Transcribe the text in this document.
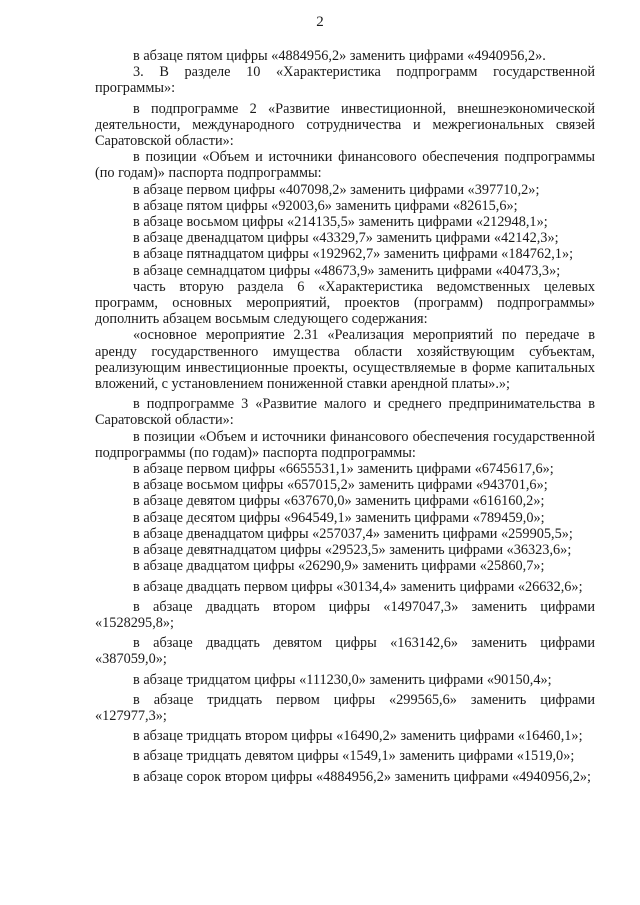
2

в абзаце пятом цифры «4884956,2» заменить цифрами «4940956,2».

3. В разделе 10 «Характеристика подпрограмм государственной программы»:

в подпрограмме 2 «Развитие инвестиционной, внешнеэкономической деятельности, международного сотрудничества и межрегиональных связей Саратовской области»:

в позиции «Объем и источники финансового обеспечения подпрограммы (по годам)» паспорта подпрограммы:

в абзаце первом цифры «407098,2» заменить цифрами «397710,2»;

в абзаце пятом цифры «92003,6» заменить цифрами «82615,6»;

в абзаце восьмом цифры «214135,5» заменить цифрами «212948,1»;

в абзаце двенадцатом цифры «43329,7» заменить цифрами «42142,3»;

в абзаце пятнадцатом цифры «192962,7» заменить цифрами «184762,1»;

в абзаце семнадцатом цифры «48673,9» заменить цифрами «40473,3»;

часть вторую раздела 6 «Характеристика ведомственных целевых программ, основных мероприятий, проектов (программ) подпрограммы» дополнить абзацем восьмым следующего содержания:

«основное мероприятие 2.31 «Реализация мероприятий по передаче в аренду государственного имущества области хозяйствующим субъектам, реализующим инвестиционные проекты, осуществляемые в форме капитальных вложений, с установлением пониженной ставки арендной платы».»;

в подпрограмме 3 «Развитие малого и среднего предпринимательства в Саратовской области»:

в позиции «Объем и источники финансового обеспечения государственной подпрограммы (по годам)» паспорта подпрограммы:

в абзаце первом цифры «6655531,1» заменить цифрами «6745617,6»;

в абзаце восьмом цифры «657015,2» заменить цифрами «943701,6»;

в абзаце девятом цифры «637670,0» заменить цифрами «616160,2»;

в абзаце десятом цифры «964549,1» заменить цифрами «789459,0»;

в абзаце двенадцатом цифры «257037,4» заменить цифрами «259905,5»;

в абзаце девятнадцатом цифры «29523,5» заменить цифрами «36323,6»;

в абзаце двадцатом цифры «26290,9» заменить цифрами «25860,7»;

в абзаце двадцать первом цифры «30134,4» заменить цифрами «26632,6»;

в абзаце двадцать втором цифры «1497047,3» заменить цифрами «1528295,8»;

в абзаце двадцать девятом цифры «163142,6» заменить цифрами «387059,0»;

в абзаце тридцатом цифры «111230,0» заменить цифрами «90150,4»;

в абзаце тридцать первом цифры «299565,6» заменить цифрами «127977,3»;

в абзаце тридцать втором цифры «16490,2» заменить цифрами «16460,1»;

в абзаце тридцать девятом цифры «1549,1» заменить цифрами «1519,0»;

в абзаце сорок втором цифры «4884956,2» заменить цифрами «4940956,2»;
